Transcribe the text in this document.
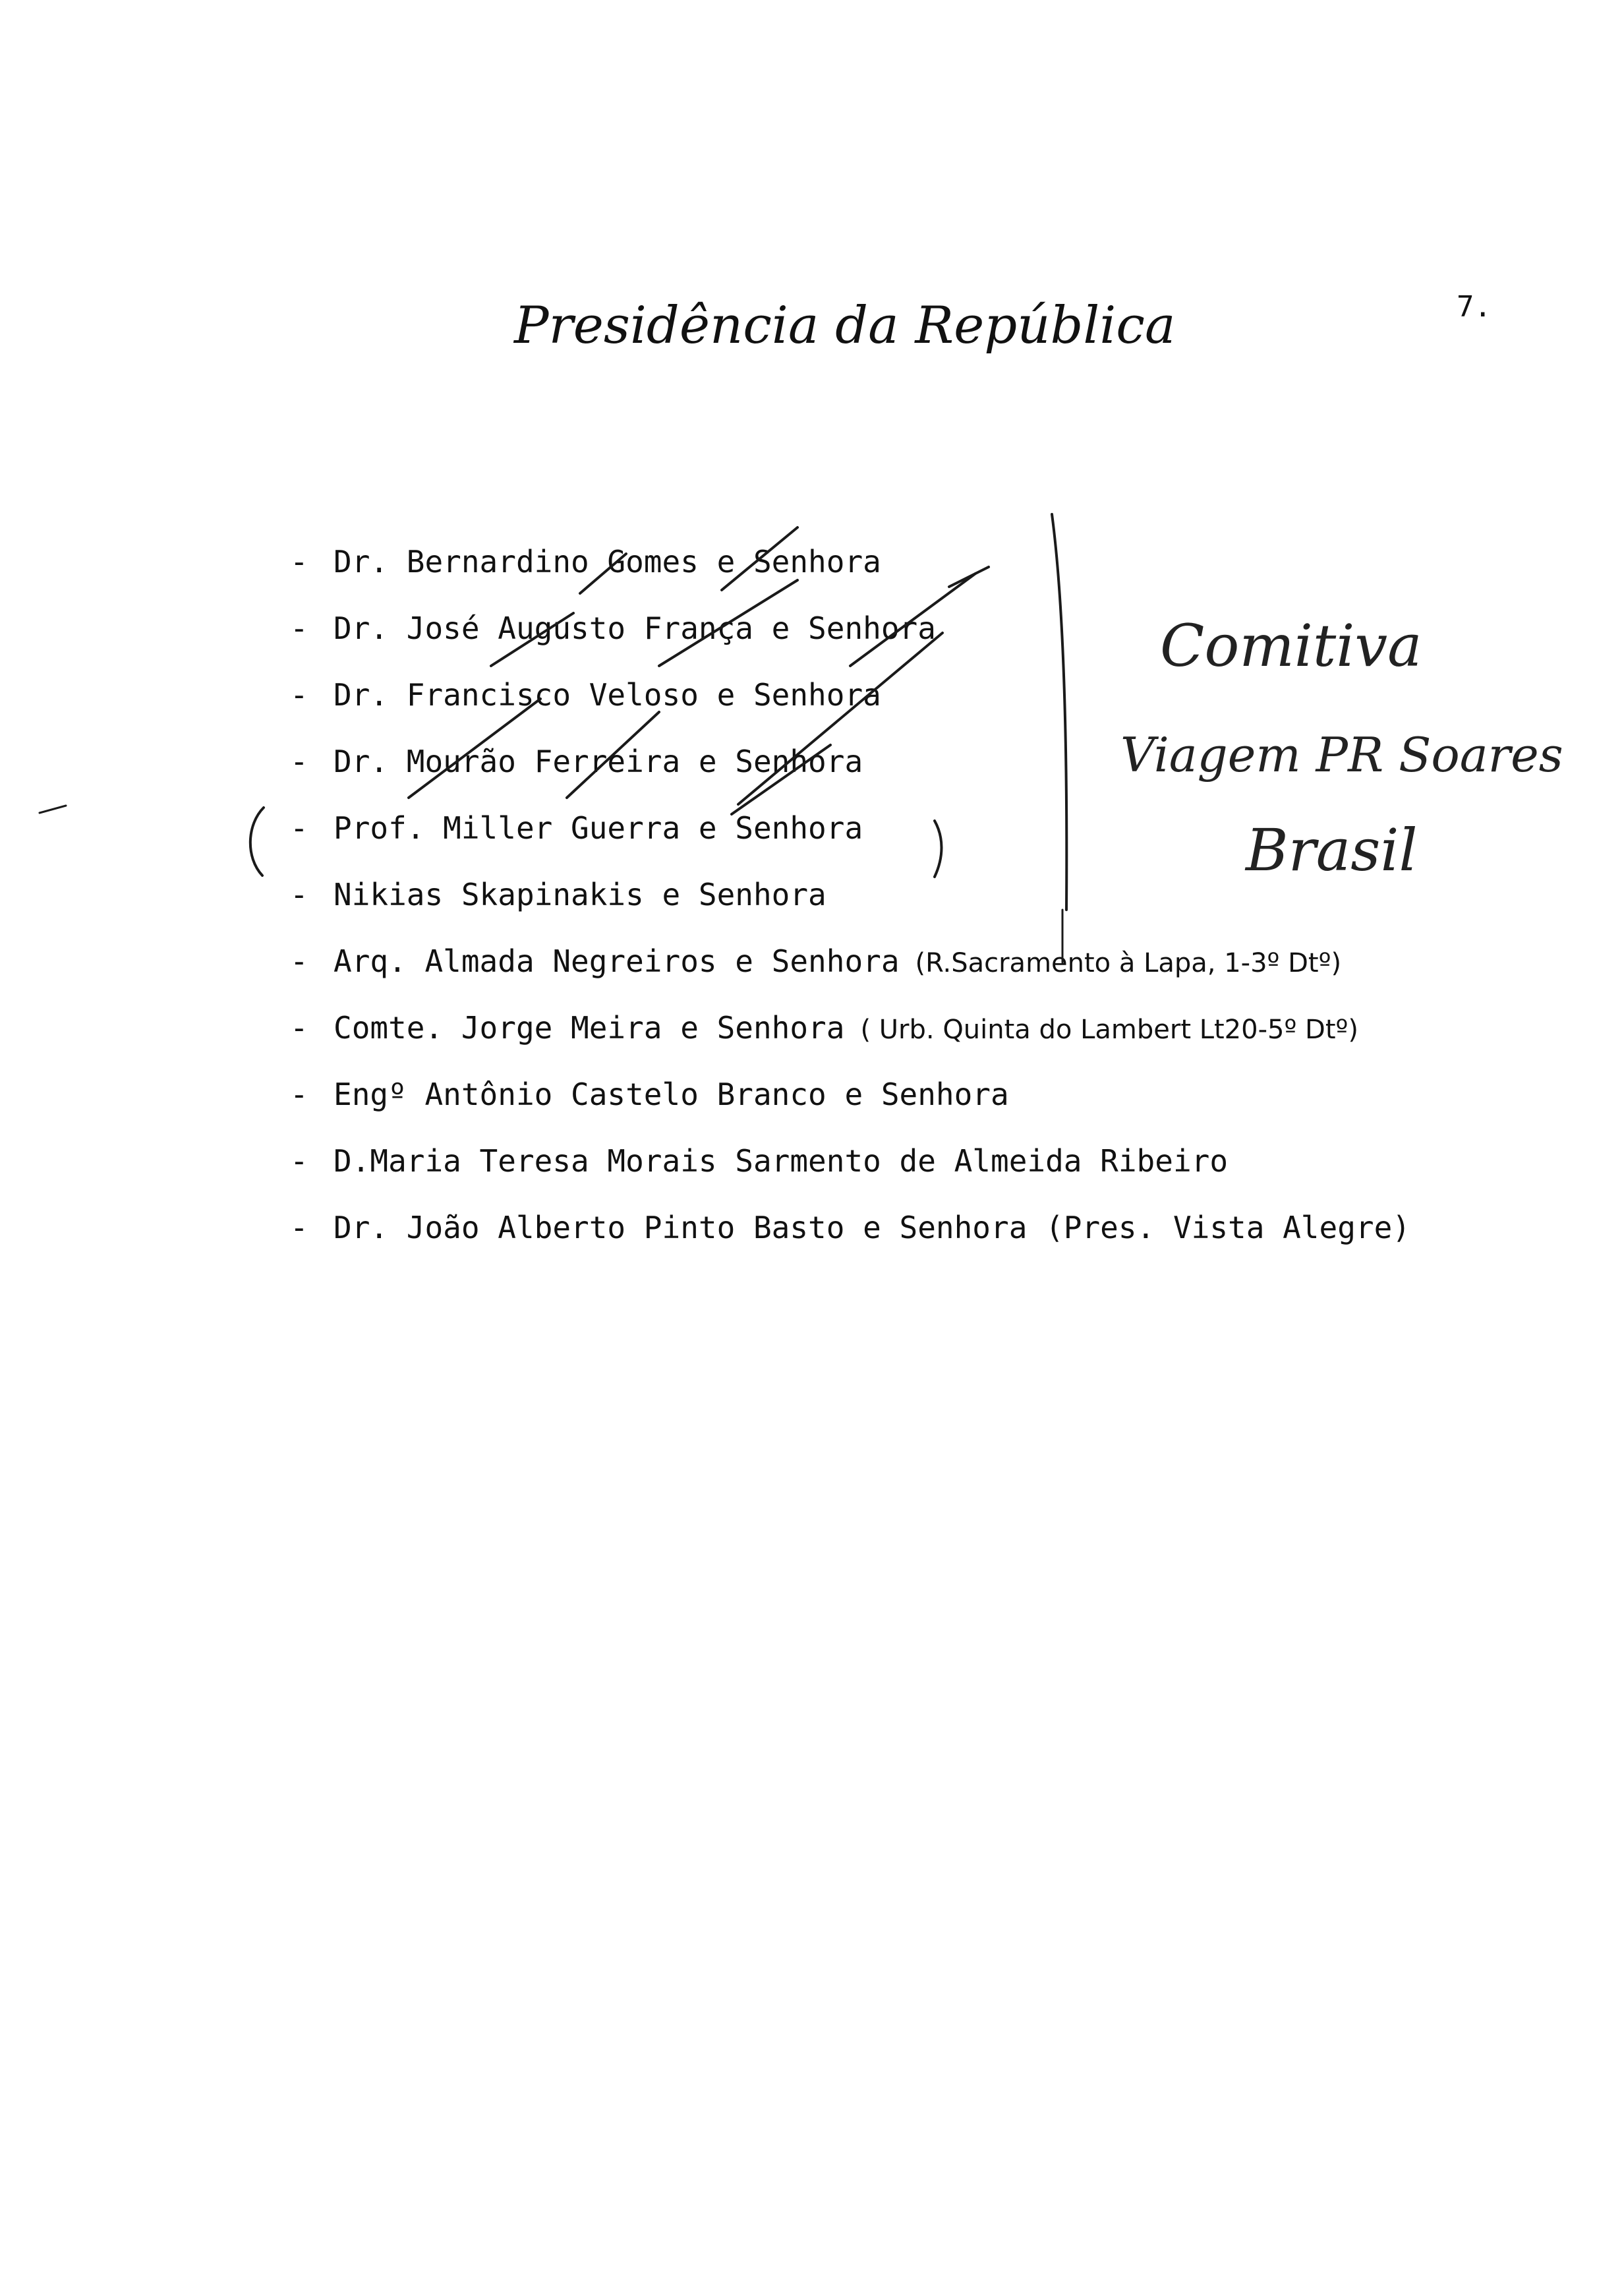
Presidência da República	7.
- Dr. Bernardino Gomes e Senhora
- Dr. José Augusto França e Senhora
- Dr. Francisco Veloso e Senhora
- Dr. Mourão Ferreira e Senhora
- Prof. Miller Guerra e Senhora
- Nikias Skapinakis e Senhora
- Arq. Almada Negreiros e Senhora (R.Sacramento à Lapa, 1-3º Dtº)
- Comte. Jorge Meira e Senhora ( Urb. Quinta do Lambert Lt20-5º Dtº)
- Engº Antônio Castelo Branco e Senhora
- D.Maria Teresa Morais Sarmento de Almeida Ribeiro
- Dr. João Alberto Pinto Basto e Senhora (Pres. Vista Alegre)
Comitiva
Viagem PR Soares
Brasil
